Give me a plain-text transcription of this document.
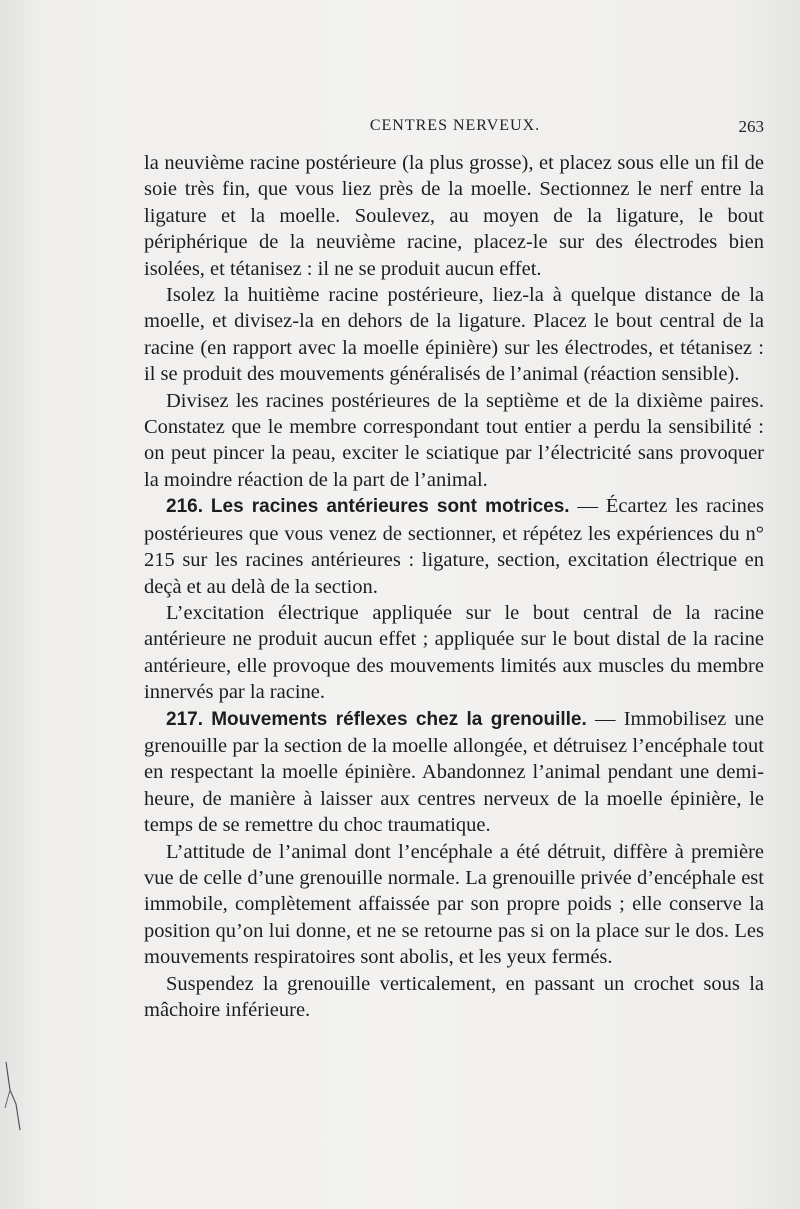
CENTRES NERVEUX.	263

la neuvième racine postérieure (la plus grosse), et placez sous elle un fil de soie très fin, que vous liez près de la moelle. Sectionnez le nerf entre la ligature et la moelle. Soulevez, au moyen de la ligature, le bout périphérique de la neuvième racine, placez-le sur des électrodes bien isolées, et tétanisez : il ne se produit aucun effet.

Isolez la huitième racine postérieure, liez-la à quelque distance de la moelle, et divisez-la en dehors de la ligature. Placez le bout central de la racine (en rapport avec la moelle épinière) sur les électrodes, et tétanisez : il se produit des mouvements généralisés de l’animal (réaction sensible).

Divisez les racines postérieures de la septième et de la dixième paires. Constatez que le membre correspondant tout entier a perdu la sensibilité : on peut pincer la peau, exciter le sciatique par l’électricité sans provoquer la moindre réaction de la part de l’animal.

216. Les racines antérieures sont motrices. — Écartez les racines postérieures que vous venez de sectionner, et répétez les expériences du n° 215 sur les racines antérieures : ligature, section, excitation électrique en deçà et au delà de la section.

L’excitation électrique appliquée sur le bout central de la racine antérieure ne produit aucun effet ; appliquée sur le bout distal de la racine antérieure, elle provoque des mouvements limités aux muscles du membre innervés par la racine.

217. Mouvements réflexes chez la grenouille. — Immobilisez une grenouille par la section de la moelle allongée, et détruisez l’encéphale tout en respectant la moelle épinière. Abandonnez l’animal pendant une demi-heure, de manière à laisser aux centres nerveux de la moelle épinière, le temps de se remettre du choc traumatique.

L’attitude de l’animal dont l’encéphale a été détruit, diffère à première vue de celle d’une grenouille normale. La grenouille privée d’encéphale est immobile, complètement affaissée par son propre poids ; elle conserve la position qu’on lui donne, et ne se retourne pas si on la place sur le dos. Les mouvements respiratoires sont abolis, et les yeux fermés.

Suspendez la grenouille verticalement, en passant un crochet sous la mâchoire inférieure.
